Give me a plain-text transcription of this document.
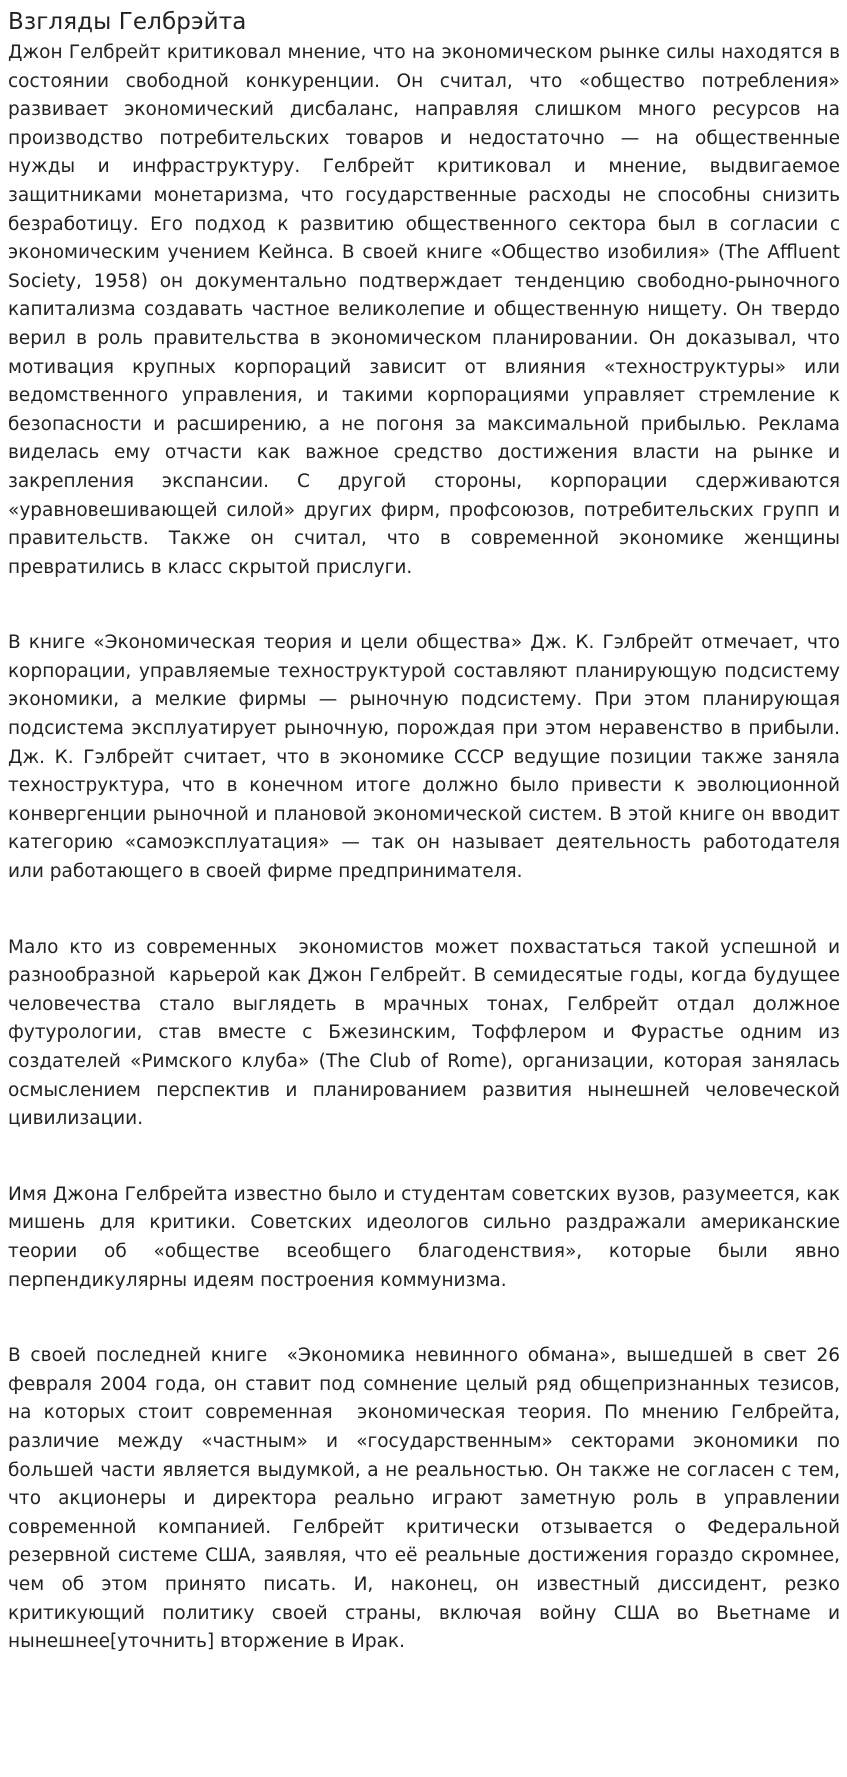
Взгляды Гелбрэйта

Джон Гелбрейт критиковал мнение, что на экономическом рынке силы находятся в состоянии свободной конкуренции. Он считал, что «общество потребления» развивает экономический дисбаланс, направляя слишком много ресурсов на производство потребительских товаров и недостаточно — на общественные нужды и инфраструктуру. Гелбрейт критиковал и мнение, выдвигаемое защитниками монетаризма, что государственные расходы не способны снизить безработицу. Его подход к развитию общественного сектора был в согласии с экономическим учением Кейнса. В своей книге «Общество изобилия» (The Affluent Society, 1958) он документально подтверждает тенденцию свободно-рыночного капитализма создавать частное великолепие и общественную нищету. Он твердо верил в роль правительства в экономическом планировании. Он доказывал, что мотивация крупных корпораций зависит от влияния «техноструктуры» или ведомственного управления, и такими корпорациями управляет стремление к безопасности и расширению, а не погоня за максимальной прибылью. Реклама виделась ему отчасти как важное средство достижения власти на рынке и закрепления экспансии. С другой стороны, корпорации сдерживаются «уравновешивающей силой» других фирм, профсоюзов, потребительских групп и правительств. Также он считал, что в современной экономике женщины превратились в класс скрытой прислуги.

В книге «Экономическая теория и цели общества» Дж. К. Гэлбрейт отмечает, что корпорации, управляемые техноструктурой составляют планирующую подсистему экономики, а мелкие фирмы — рыночную подсистему. При этом планирующая подсистема эксплуатирует рыночную, порождая при этом неравенство в прибыли. Дж. К. Гэлбрейт считает, что в экономике СССР ведущие позиции также заняла техноструктура, что в конечном итоге должно было привести к эволюционной конвергенции рыночной и плановой экономической систем. В этой книге он вводит категорию «самоэксплуатация» — так он называет деятельность работодателя или работающего в своей фирме предпринимателя.

Мало кто из современных  экономистов может похвастаться такой успешной и разнообразной  карьерой как Джон Гелбрейт. В семидесятые годы, когда будущее человечества стало выглядеть в мрачных тонах, Гелбрейт отдал должное футурологии, став вместе с Бжезинским, Тоффлером и Фурастье одним из создателей «Римского клуба» (The Club of Rome), организации, которая занялась осмыслением перспектив и планированием развития нынешней человеческой цивилизации.

Имя Джона Гелбрейта известно было и студентам советских вузов, разумеется, как мишень для критики. Советских идеологов сильно раздражали американские теории об «обществе всеобщего благоденствия», которые были явно перпендикулярны идеям построения коммунизма.

В своей последней книге  «Экономика невинного обмана», вышедшей в свет 26 февраля 2004 года, он ставит под сомнение целый ряд общепризнанных тезисов, на которых стоит современная  экономическая теория. По мнению Гелбрейта, различие между «частным» и «государственным» секторами экономики по большей части является выдумкой, а не реальностью. Он также не согласен с тем, что акционеры и директора реально играют заметную роль в управлении современной компанией. Гелбрейт критически отзывается о Федеральной резервной системе США, заявляя, что её реальные достижения гораздо скромнее, чем об этом принято писать. И, наконец, он известный диссидент, резко критикующий политику своей страны, включая войну США во Вьетнаме и нынешнее[уточнить] вторжение в Ирак.
